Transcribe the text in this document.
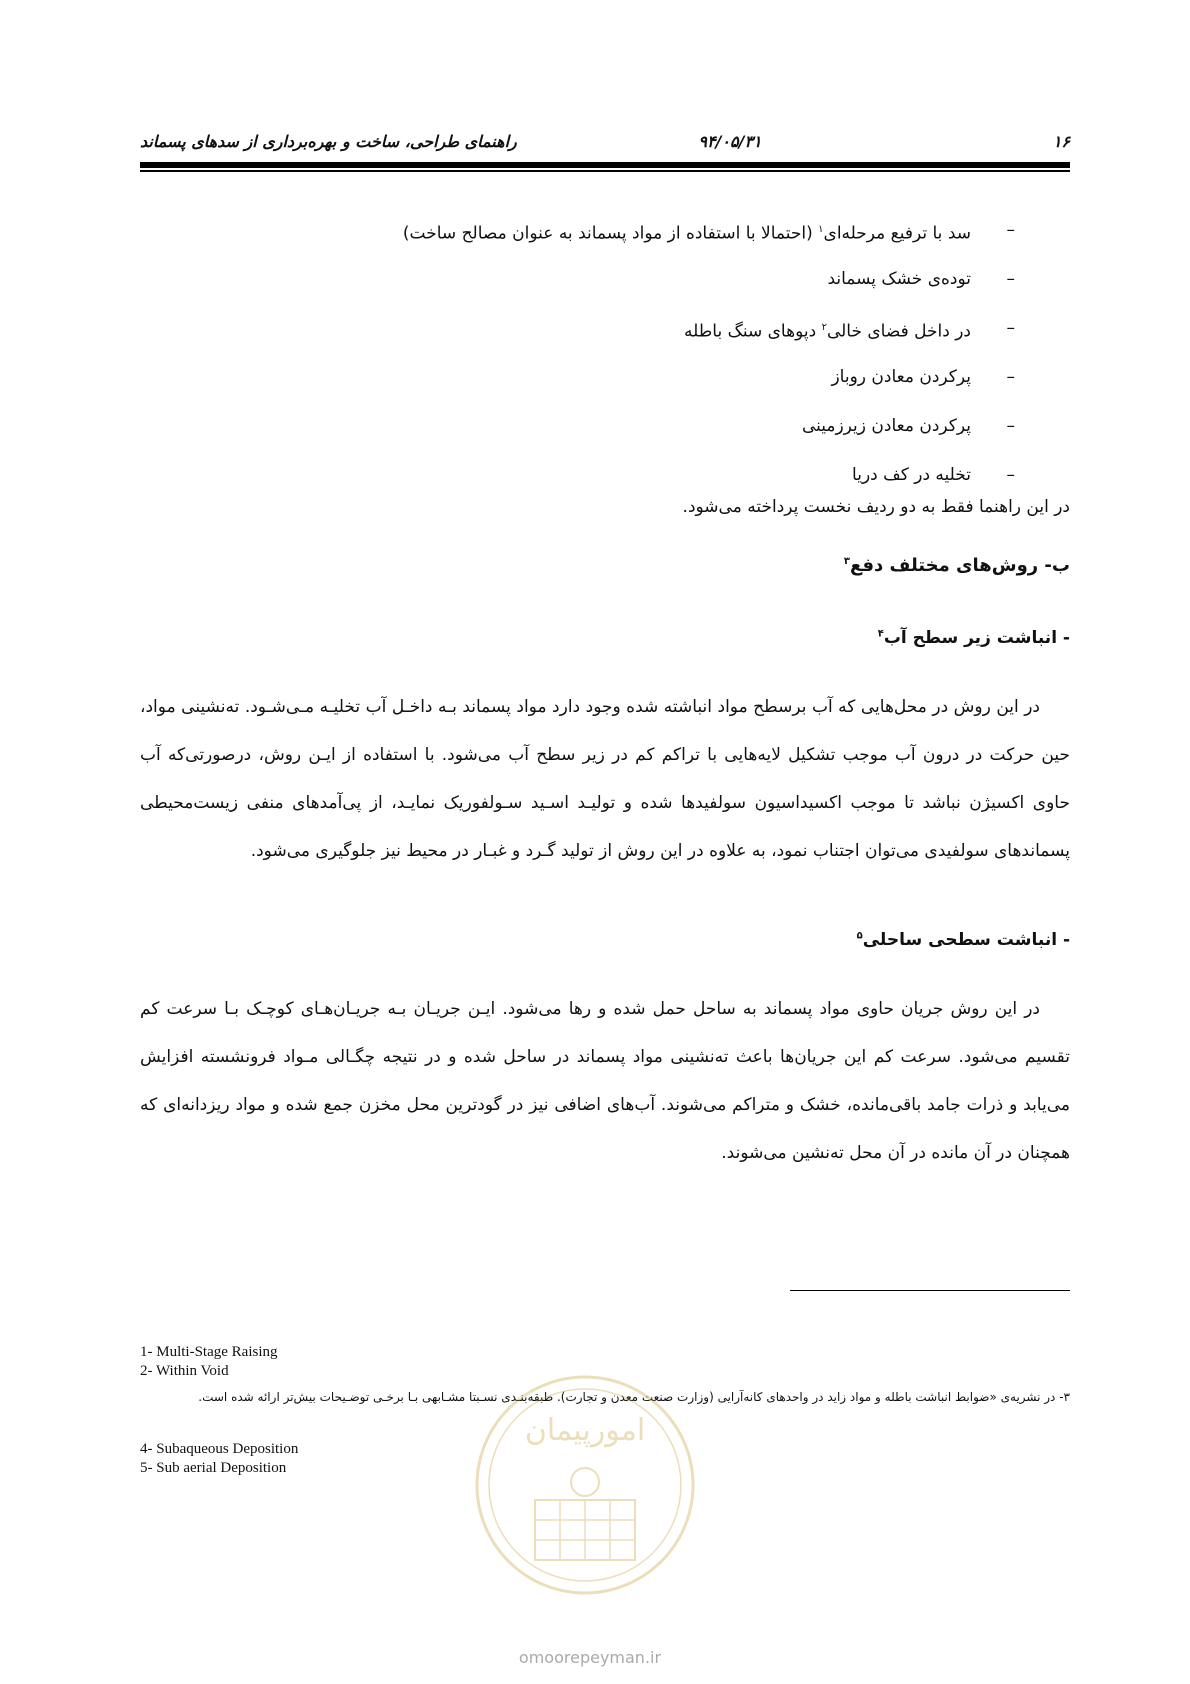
۱۶
۹۴/۰۵/۳۱
راهنمای طراحی، ساخت و بهره‌برداری از سدهای پسماند
–
سد با ترفیع مرحله‌ای$^۱$ (احتمالا با استفاده از مواد پسماند به عنوان مصالح ساخت)
–
توده‌ی خشک پسماند
–
در داخل فضای خالی$^۲$ دپوهای سنگ باطله
–
پرکردن معادن روباز
–
پرکردن معادن زیرزمینی
–
تخلیه در کف دریا
در این راهنما فقط به دو ردیف نخست پرداخته می‌شود.
ب- روش‌های مختلف دفع$^۳$
- انباشت زیر سطح آب$^۴$
در این روش در محل‌هایی که آب برسطح مواد انباشته شده وجود دارد مواد پسماند بـه داخـل آب تخلیـه مـی‌شـود. ته‌نشینی مواد، حین حرکت در درون آب موجب تشکیل لایه‌هایی با تراکم کم در زیر سطح آب می‌شود. با استفاده از ایـن روش، درصورتی‌که آب حاوی اکسیژن نباشد تا موجب اکسیداسیون سولفیدها شده و تولیـد اسـید سـولفوریک نمایـد، از پی‌آمدهای منفی زیست‌محیطی پسماندهای سولفیدی می‌توان اجتناب نمود، به علاوه در این روش از تولید گـرد و غبـار در محیط نیز جلوگیری می‌شود.
- انباشت سطحی ساحلی$^۵$
در این روش جریان حاوی مواد پسماند به ساحل حمل شده و رها می‌شود. ایـن جریـان بـه جریـان‌هـای کوچـک بـا سرعت کم تقسیم می‌شود. سرعت کم این جریان‌ها باعث ته‌نشینی مواد پسماند در ساحل شده و در نتیجه چگـالی مـواد فرونشسته افزایش می‌یابد و ذرات جامد باقی‌مانده، خشک و متراکم می‌شوند. آب‌های اضافی نیز در گودترین محل مخزن جمع شده و مواد ریزدانه‌ای که همچنان در آن مانده در آن محل ته‌نشین می‌شوند.
1- Multi-Stage Raising
2- Within Void
۳- در نشریه‌ی «ضوابط انباشت باطله و مواد زاید در واحدهای کانه‌آرایی (وزارت صنعت معدن و تجارت). طبقه‌بنـدی نسـبتا مشـابهی بـا برخـی توضـیحات بیش‌تر ارائه شده است.
4- Subaqueous Deposition
5- Sub aerial Deposition
امورپیمان
omoorepeyman.ir
